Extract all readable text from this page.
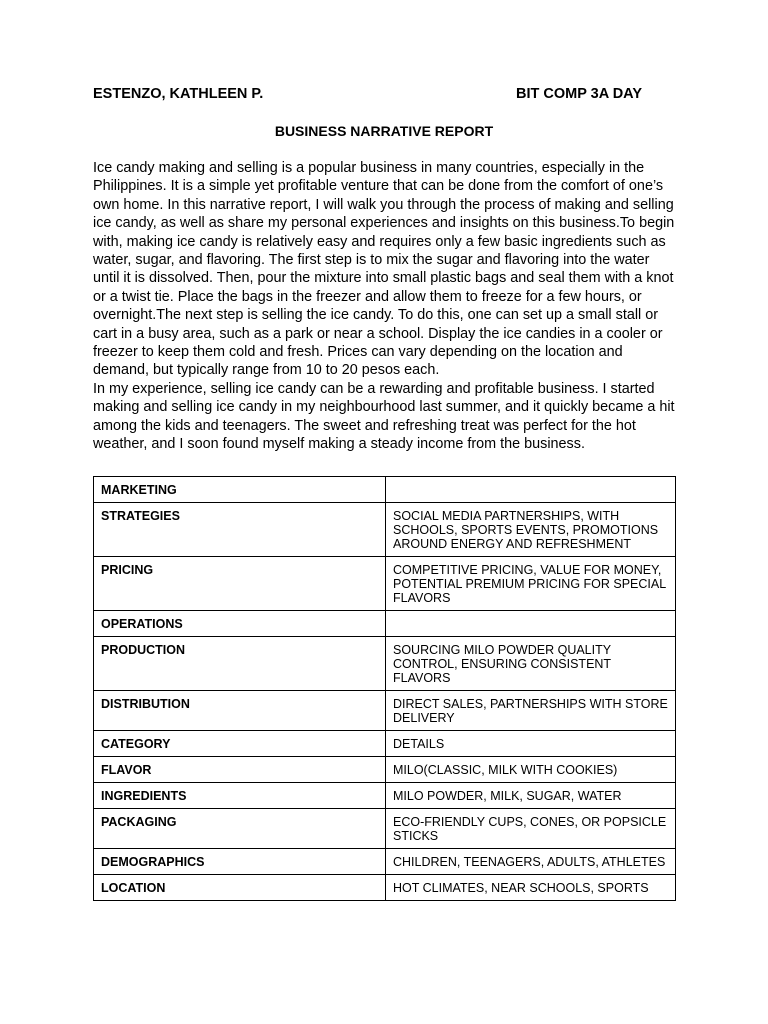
ESTENZO, KATHLEEN P.	BIT COMP 3A DAY
BUSINESS NARRATIVE REPORT

Ice candy making and selling is a popular business in many countries, especially in the Philippines. It is a simple yet profitable venture that can be done from the comfort of one’s own home. In this narrative report, I will walk you through the process of making and selling ice candy, as well as share my personal experiences and insights on this business.To begin with, making ice candy is relatively easy and requires only a few basic ingredients such as water, sugar, and flavoring. The first step is to mix the sugar and flavoring into the water until it is dissolved. Then, pour the mixture into small plastic bags and seal them with a knot or a twist tie. Place the bags in the freezer and allow them to freeze for a few hours, or overnight.The next step is selling the ice candy. To do this, one can set up a small stall or cart in a busy area, such as a park or near a school. Display the ice candies in a cooler or freezer to keep them cold and fresh. Prices can vary depending on the location and demand, but typically range from 10 to 20 pesos each.

In my experience, selling ice candy can be a rewarding and profitable business. I started making and selling ice candy in my neighbourhood last summer, and it quickly became a hit among the kids and teenagers. The sweet and refreshing treat was perfect for the hot weather, and I soon found myself making a steady income from the business.

MARKETING	
STRATEGIES	SOCIAL MEDIA PARTNERSHIPS, WITH SCHOOLS, SPORTS EVENTS, PROMOTIONS AROUND ENERGY AND REFRESHMENT
PRICING	COMPETITIVE PRICING, VALUE FOR MONEY, POTENTIAL PREMIUM PRICING FOR SPECIAL FLAVORS
OPERATIONS	
PRODUCTION	SOURCING MILO POWDER QUALITY CONTROL, ENSURING CONSISTENT FLAVORS
DISTRIBUTION	DIRECT SALES, PARTNERSHIPS WITH STORE DELIVERY
CATEGORY	DETAILS
FLAVOR	MILO(CLASSIC, MILK WITH COOKIES)
INGREDIENTS	MILO POWDER, MILK, SUGAR, WATER
PACKAGING	ECO-FRIENDLY CUPS, CONES, OR POPSICLE STICKS
DEMOGRAPHICS	CHILDREN, TEENAGERS, ADULTS, ATHLETES
LOCATION	HOT CLIMATES, NEAR SCHOOLS, SPORTS
